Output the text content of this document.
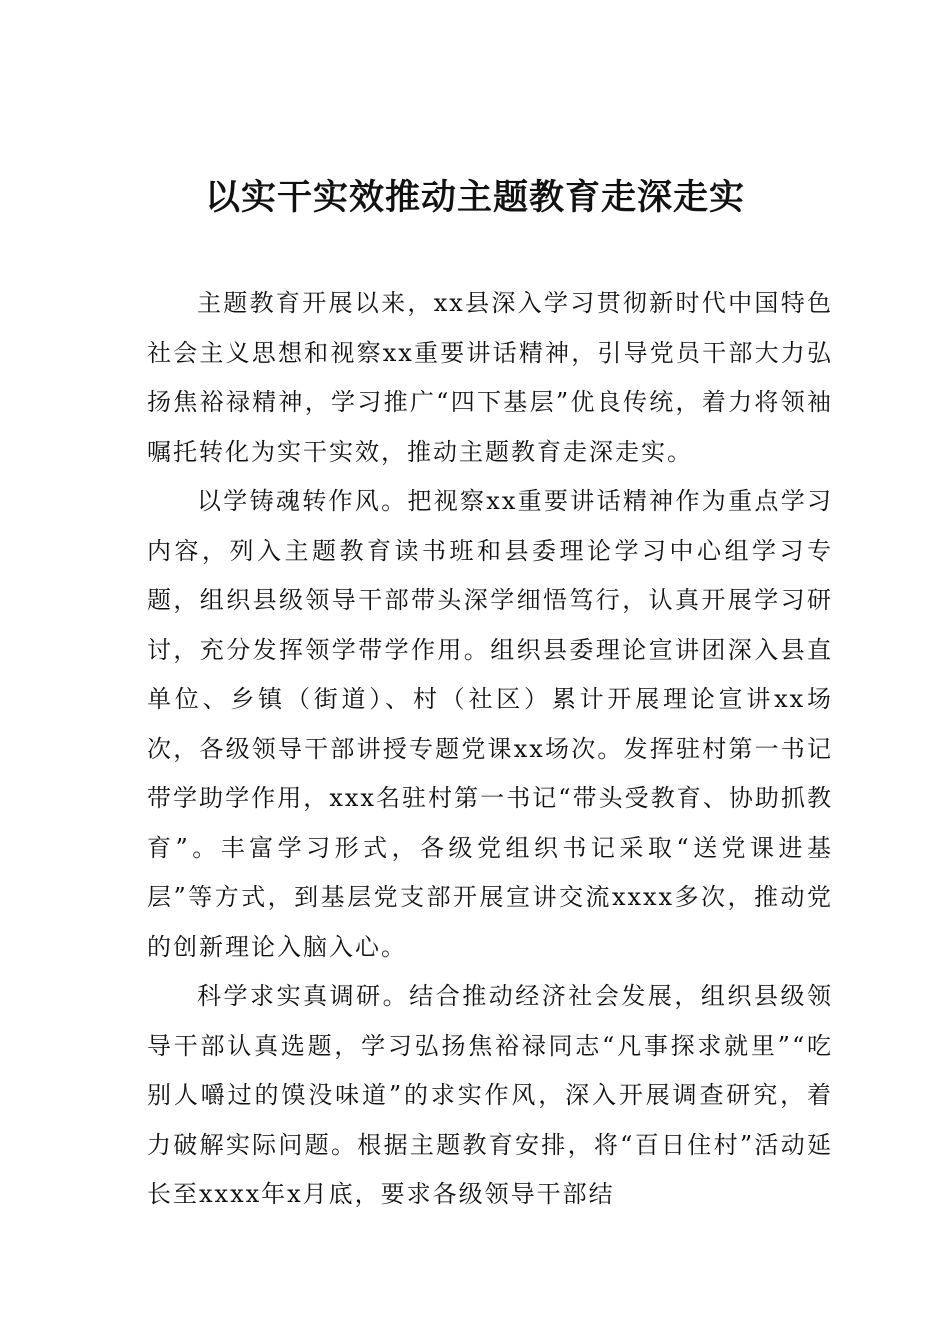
以实干实效推动主题教育走深走实

主题教育开展以来，xx县深入学习贯彻新时代中国特色社会主义思想和视察xx重要讲话精神，引导党员干部大力弘扬焦裕禄精神，学习推广“四下基层”优良传统，着力将领袖嘱托转化为实干实效，推动主题教育走深走实。

以学铸魂转作风。把视察xx重要讲话精神作为重点学习内容，列入主题教育读书班和县委理论学习中心组学习专题，组织县级领导干部带头深学细悟笃行，认真开展学习研讨，充分发挥领学带学作用。组织县委理论宣讲团深入县直单位、乡镇（街道）、村（社区）累计开展理论宣讲xx场次，各级领导干部讲授专题党课xx场次。发挥驻村第一书记带学助学作用，xxx名驻村第一书记“带头受教育、协助抓教育”。丰富学习形式，各级党组织书记采取“送党课进基层”等方式，到基层党支部开展宣讲交流xxxx多次，推动党的创新理论入脑入心。

科学求实真调研。结合推动经济社会发展，组织县级领导干部认真选题，学习弘扬焦裕禄同志“凡事探求就里”“吃别人嚼过的馍没味道”的求实作风，深入开展调查研究，着力破解实际问题。根据主题教育安排，将“百日住村”活动延长至xxxx年x月底，要求各级领导干部结
